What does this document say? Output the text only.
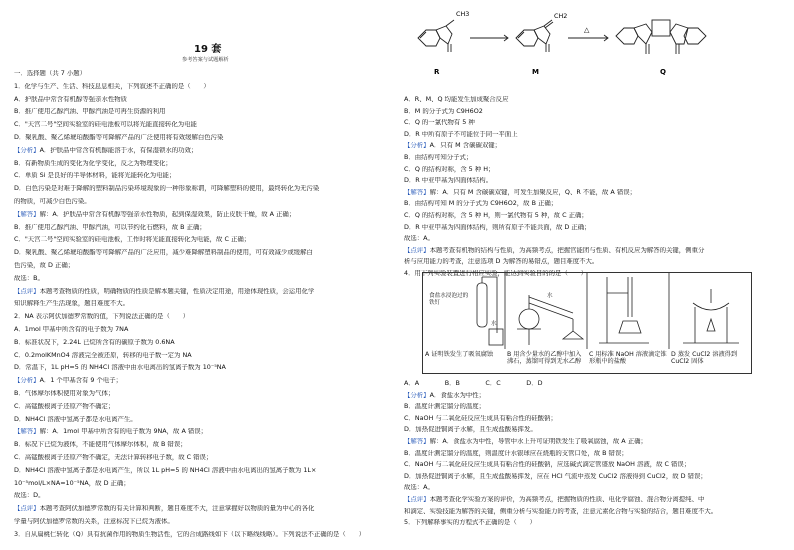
19 套
参考答案与试题解析
一．选择题（共 7 小题）
1．化学与生产、生活、科技息息相关，下列叙述不正确的是（　　）
A．护肤品中常含有机醇等强亲水性物质
B．推广使用乙醇汽油、甲醇汽油是可再生资源的利用
C．"天宫二号"空间实验室的硅电池板可以将光能直接转化为电能
D．聚乳酸、聚乙烯琥珀酸酯等可降解产品的广泛使用将有效缓解白色污染
【分析】A．护肤品中常含有机醇能溶于水，有保湿锁水的功效；
B．有新物质生成的变化为化学变化，反之为物理变化；
C．单质 Si 是良好的半导体材料，能将光能转化为电能；
D．白色污染是对难于降解的塑料制品污染环境现象的一种形象称谓，可降解塑料的使用，最终转化为无污染
的物质，可减少白色污染。
【解答】解：A．护肤品中常含有机醇等强亲水性物质，起到保湿效果，防止皮肤干燥，故 A 正确；
B．推广使用乙醇汽油、甲醇汽油，可以节约化石燃料，故 B 正确；
C．"天宫二号"空间实验室的硅电池板，工作时将光能直接转化为电能，故 C 正确；
D．聚乳酸、聚乙烯琥珀酸酯等可降解产品的广泛应用，减少难降解塑料制品的使用，可有效减少或缓解白
色污染，故 D 正确；
故选：B。
【点评】本题考查物质的性质，明确物质的性质是解本题关键，性质决定用途，用途体现性质，会运用化学
知识解释生产生活现象，题目难度不大。
2．NA 表示阿伏加德罗常数的值，下列说法正确的是（　　）
A．1mol 甲基中所含有的电子数为 7NA
B．标准状况下，2.24L 已烷所含有的碳原子数为 0.6NA
C．0.2molKMnO4 溶液完全被还原，转移的电子数一定为 NA
D．常温下，1L pH=5 的 NH4Cl 溶液中由水电离出的氢离子数为 10⁻⁵NA
【分析】A．1 个甲基含有 9 个电子；
B．气体摩尔体积使用对象为气体；
C．高锰酸根离子还原产物不确定；
D．NH4Cl 溶液中氢离子都是水电离产生。
【解答】解：A．1mol 甲基中所含有的电子数为 9NA，故 A 错误；
B．标况下已烷为液体，不能使用气体摩尔体积，故 B 错误；
C．高锰酸根离子还原产物不确定，无法计算转移电子数，故 C 错误；
D．NH4Cl 溶液中氢离子都是水电离产生，所以 1L pH=5 的 NH4Cl 溶液中由水电离出的氢离子数为 1L×
10⁻⁵mol/L×NA=10⁻⁵NA，故 D 正确；
故选：D。
【点评】本题考查阿伏加德罗常数的有关计算和判断，题目难度不大，注意掌握好以物质的量为中心的各化
学量与阿伏加德罗常数的关系，注意标况下已烷为液体。
3．自从扁桃仁转化（Q）具有抗菌作用的物质生物活性，它的合成路线如下（以下略线线略）。下列说法不正确的是（　　）
CH3	CH2
△
R	M	Q
A．R、M、Q 均能发生加成聚合反应
B．M 的分子式为 C9H6O2
C．Q 的一氯代物有 5 种
D．R 中所有原子不可能位于同一平面上
【分析】A．只有 M 含碳碳双键；
B．由结构可知分子式；
C．Q 的结构对称，含 5 种 H；
D．R 中亚甲基为四面体结构。
【解答】解：A．只有 M 含碳碳双键，可发生加聚反应，Q、R 不能，故 A 错误；
B．由结构可知 M 的分子式为 C9H6O2，故 B 正确；
C．Q 的结构对称，含 5 种 H，则一氯代物有 5 种，故 C 正确；
D．R 中亚甲基为四面体结构，则所有原子不能共面，故 D 正确；
故选：A。
【点评】本题考查有机物的结构与性质，为高频考点，把握官能团与性质、有机反应为解答的关键，侧重分
析与应用能力的考查，注意选项 D 为解答的易错点，题目难度不大。
4．用下列实验装置进行相应实验，能达到实验目的的是（　　）
食盐水浸泡过的铁钉
水
水
A 证明铁发生了吸氧腐蚀	B 用含少量水的乙醇中加入沸石，蒸馏可得到无水乙醇
C 用标准 NaOH 溶液滴定锥形瓶中的盐酸
D 蒸发 CuCl2 溶液得到 CuCl2 固体
A．A　　　　B．B　　　　C．C　　　　D．D
【分析】A．食盐水为中性；
B．温度计测定馏分的温度；
C．NaOH 与二氧化硅反应生成具有粘合性的硅酸钠；
D．加热促进铜离子水解，且生成盐酸易挥发。
【解答】解：A．食盐水为中性，导管中水上升可证明铁发生了吸氧腐蚀，故 A 正确；
B．温度计测定馏分的温度，则温度计水银球应在烧瓶的支管口处，故 B 错误；
C．NaOH 与二氧化硅反应生成具有粘合性的硅酸钠，应选碱式滴定管盛放 NaOH 溶液，故 C 错误；
D．加热促进铜离子水解，且生成盐酸易挥发，应在 HCl 气流中蒸发 CuCl2 溶液得到 CuCl2，故 D 错误；
故选：A。
【点评】本题考查化学实验方案的评价，为高频考点，把握物质的性质、电化学腐蚀、混合物分离提纯、中
和滴定、实验技能为解答的关键，侧重分析与实验能力的考查，注意元素化合物与实验的结合，题目难度不大。
5．下列解释事实的方程式不正确的是（　　）
